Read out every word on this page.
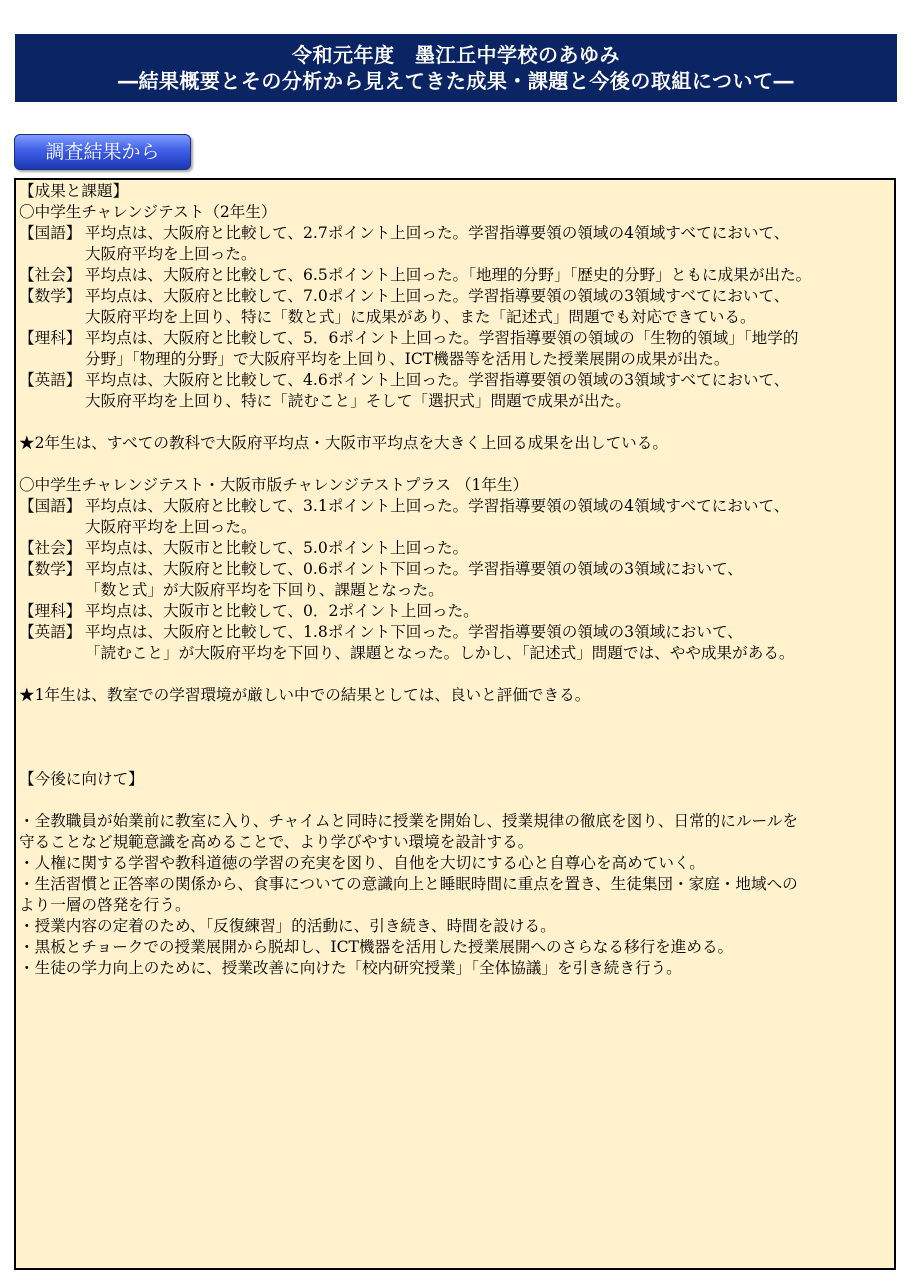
令和元年度　墨江丘中学校のあゆみ
―結果概要とその分析から見えてきた成果・課題と今後の取組について―
調査結果から
【成果と課題】
〇中学生チャレンジテスト（2年生）
【国語】 平均点は、大阪府と比較して、2.7ポイント上回った。学習指導要領の領域の4領域すべてにおいて、
大阪府平均を上回った。
【社会】 平均点は、大阪府と比較して、6.5ポイント上回った。「地理的分野」「歴史的分野」ともに成果が出た。
【数学】 平均点は、大阪府と比較して、7.0ポイント上回った。学習指導要領の領域の3領域すべてにおいて、
大阪府平均を上回り、特に「数と式」に成果があり、また「記述式」問題でも対応できている。
【理科】 平均点は、大阪府と比較して、5．6ポイント上回った。学習指導要領の領域の「生物的領域」「地学的
分野」「物理的分野」で大阪府平均を上回り、ICT機器等を活用した授業展開の成果が出た。
【英語】 平均点は、大阪府と比較して、4.6ポイント上回った。学習指導要領の領域の3領域すべてにおいて、
大阪府平均を上回り、特に「読むこと」そして「選択式」問題で成果が出た。
★2年生は、すべての教科で大阪府平均点・大阪市平均点を大きく上回る成果を出している。
〇中学生チャレンジテスト・大阪市版チャレンジテストプラス （1年生）
【国語】 平均点は、大阪府と比較して、3.1ポイント上回った。学習指導要領の領域の4領域すべてにおいて、
大阪府平均を上回った。
【社会】 平均点は、大阪市と比較して、5.0ポイント上回った。
【数学】 平均点は、大阪府と比較して、0.6ポイント下回った。学習指導要領の領域の3領域において、
「数と式」が大阪府平均を下回り、課題となった。
【理科】 平均点は、大阪市と比較して、0．2ポイント上回った。
【英語】 平均点は、大阪府と比較して、1.8ポイント下回った。学習指導要領の領域の3領域において、
「読むこと」が大阪府平均を下回り、課題となった。しかし、「記述式」問題では、やや成果がある。
★1年生は、教室での学習環境が厳しい中での結果としては、良いと評価できる。
【今後に向けて】
・全教職員が始業前に教室に入り、チャイムと同時に授業を開始し、授業規律の徹底を図り、日常的にルールを
守ることなど規範意識を高めることで、より学びやすい環境を設計する。
・人権に関する学習や教科道徳の学習の充実を図り、自他を大切にする心と自尊心を高めていく。
・生活習慣と正答率の関係から、食事についての意識向上と睡眠時間に重点を置き、生徒集団・家庭・地域への
より一層の啓発を行う。
・授業内容の定着のため、「反復練習」的活動に、引き続き、時間を設ける。
・黒板とチョークでの授業展開から脱却し、ICT機器を活用した授業展開へのさらなる移行を進める。
・生徒の学力向上のために、授業改善に向けた「校内研究授業」「全体協議」を引き続き行う。
